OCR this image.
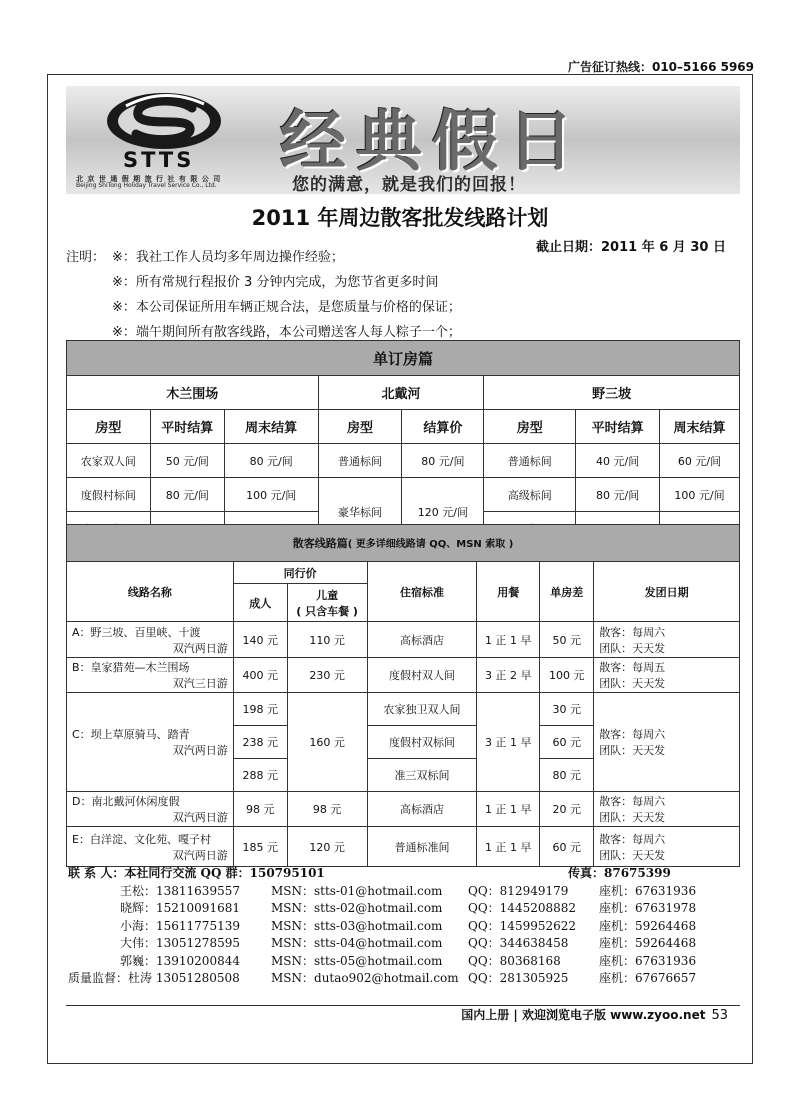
广告征订热线：010–5166 5969
STTS
北 京 世 通 假 期 旅 行 社 有 限 公 司
Beijing ShiTong Holiday Travel Service Co., Ltd.
经典假日
您的满意，就是我们的回报！
2011 年周边散客批发线路计划
截止日期：2011 年 6 月 30 日
注明： ※：我社工作人员均多年周边操作经验；
※：所有常规行程报价 3 分钟内完成，为您节省更多时间
※：本公司保证所用车辆正规合法，是您质量与价格的保证；
※：端午期间所有散客线路，本公司赠送客人每人粽子一个；
单订房篇							
木兰围场			北戴河		野三坡		
房型	平时结算	周末结算	房型	结算价	房型	平时结算	周末结算
农家双人间	50 元/间	80 元/间	普通标间	80 元/间	普通标间	40 元/间	60 元/间
度假村标间	80 元/间	100 元/间	豪华标间	120 元/间	高级标间	80 元/间	100 元/间

散客线路篇( 更多详细线路请 QQ、MSN 索取 )						
线路名称	同行价		住宿标准	用餐	单房差	发团日期
	成人	儿童
( 只含车餐 )				

A：野三坡、百里峡、十渡
双汽两日游	140 元	110 元	高标酒店	1 正 1 早	50 元	散客：每周六
团队：天天发

B：皇家猎苑—木兰围场
双汽三日游	400 元	230 元	度假村双人间	3 正 2 早	100 元	散客：每周五
团队：天天发

C：坝上草原骑马、踏青
双汽两日游	198 元	160 元	农家独卫双人间	3 正 1 早	30 元	散客：每周六
团队：天天发

	238 元		度假村双标间		60 元	
	288 元		准三双标间		80 元	

D：南北戴河休闲度假
双汽两日游	98 元	98 元	高标酒店	1 正 1 早	20 元	散客：每周六
团队：天天发

E：白洋淀、文化苑、嘎子村
双汽两日游	185 元	120 元	普通标准间	1 正 1 早	60 元	散客：每周六
团队：天天发
联 系 人：本社同行交流 QQ 群：150795101	传真：87675399
王松：13811639557	MSN：stts-01@hotmail.com QQ：812949179	座机：67631936
晓辉：15210091681	MSN：stts-02@hotmail.com QQ：1445208882 座机：67631978
小海：15611775139	MSN：stts-03@hotmail.com QQ：1459952622 座机：59264468
大伟：13051278595	MSN：stts-04@hotmail.com QQ：344638458	座机：59264468
郭巍：13910200844	MSN：stts-05@hotmail.com QQ：80368168	座机：67631936
质量监督：杜涛 13051280508	MSN：dutao902@hotmail.com QQ：281305925	座机：67676657
国内上册 | 欢迎浏览电子版 www.zyoo.net 53
